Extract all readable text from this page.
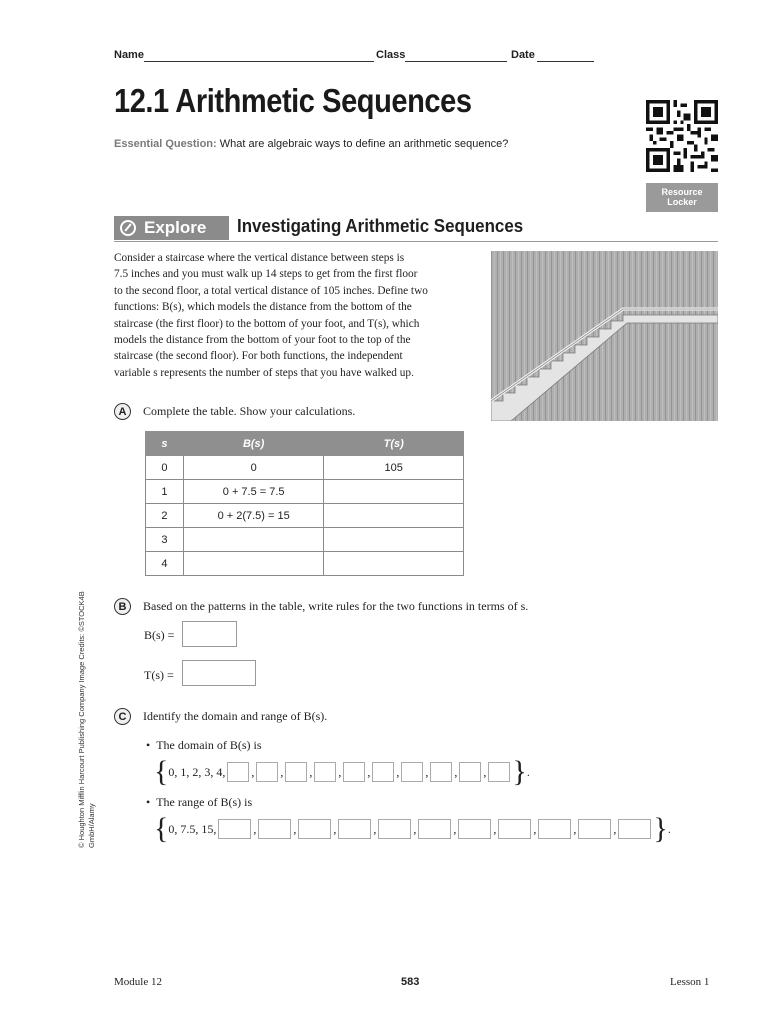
Name	Class	Date
12.1 Arithmetic Sequences
Essential Question: What are algebraic ways to define an arithmetic sequence?
Resource
Locker
Explore Investigating Arithmetic Sequences
Consider a staircase where the vertical distance between steps is
7.5 inches and you must walk up 14 steps to get from the first floor
to the second floor, a total vertical distance of 105 inches. Define two
functions: B(s), which models the distance from the bottom of the
staircase (the first floor) to the bottom of your foot, and T(s), which
models the distance from the bottom of your foot to the top of the
staircase (the second floor). For both functions, the independent
variable s represents the number of steps that you have walked up.
A	Complete the table. Show your calculations.
s	B(s)	T(s)
0	0	105
1	0 + 7.5 = 7.5	
2	0 + 2(7.5) = 15	
3		
4		
B	Based on the patterns in the table, write rules for the two functions in terms of s.
B(s) =
T(s) =
C	Identify the domain and range of B(s).
•  The domain of B(s) is
{ 0, 1, 2, 3, 4, ,
,
,
,
,
,
,
,
, } .
•  The range of B(s) is
{ 0, 7.5, 15,	,	,	,	,	,	,	,	,	,	, } .
© Houghton Mifflin Harcourt Publishing Company Image Credits: ©STOCK4B GmbH/Alamy
Module 12	583	Lesson 1
